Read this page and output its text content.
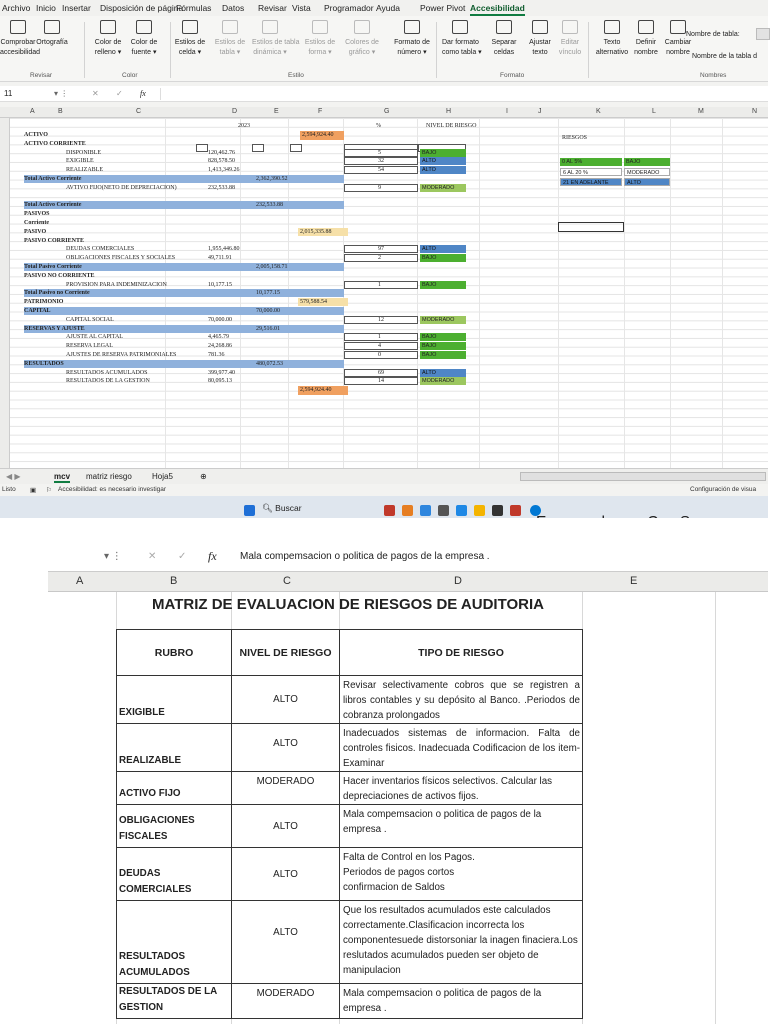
Archivo Inicio Insertar Disposición de página
Fórmulas Datos Revisar Vista Programador Ayuda Power Pivot Accesibilidad
Nombre de tabla:
Nombre de la tabla d
Comprobar
accesibilidad
Ortografía	Color de
relleno ▾
Color de
fuente ▾
Estilos de
celda ▾
Estilos de
tabla ▾
Estilos de tabla
dinámica ▾
Estilos de
forma ▾
Colores de
gráfico ▾
Formato de
número ▾
Dar formato
como tabla ▾
Separar
celdas
Ajustar
texto
Editar
vínculo
Texto
alternativo
Definir
nombre
Cambiar
nombre
Revisar	Color	Estilo	Formato	Nombres
11	▾ ⋮	✕ ✓ fx
A	B	C	D	E	F	G	H	I	J	K	L	M	N
2023	%	NIVEL DE RIESGO
RIESGOS
2,594,924.40
ACTIVO
ACTIVO CORRIENTE
DISPONIBLE	120,462.76	5	BAJO
EXIGIBLE	828,578.50	32	ALTO
REALIZABLE	1,413,349.26	54	ALTO
Total Activo Corriente	2,362,390.52
AVTIVO FIJO(NETO DE DEPRECIACION)	232,533.88	9	MODERADO
Total Activo Corriente	232,533.88
PASIVOS
Corriente
PASIVO	2,015,335.88
PASIVO CORRIENTE
DEUDAS COMERCIALES	1,955,446.80	97	ALTO
OBLIGACIONES FISCALES Y SOCIALES	49,711.91	2	BAJO
Total Pasivo Corriente	2,005,158.71
PASIVO NO CORRIENTE
PROVISION PARA INDEMINIZACION	10,177.15	1	BAJO
Total Pasivo no Corriente	10,177.15
PATRIMONIO	579,588.54
CAPITAL	70,000.00
CAPITAL SOCIAL	70,000.00	12	MODERADO
RESERVAS Y AJUSTE	29,516.01
AJUSTE AL CAPITAL	4,465.79	1	BAJO
RESERVA LEGAL	24,268.86	4	BAJO
AJUSTES DE RESERVA PATRIMONIALES	781.36	0	BAJO
RESULTADOS	480,072.53
RESULTADOS ACUMULADOS	399,977.40	69	ALTO
RESULTADOS DE LA GESTION	80,095.13	14	MODERADO
2,594,924.40
0 AL 5%	BAJO
6 AL 20 %	MODERADO
21 EN ADELANTE	ALTO
◀ ▶	mcv matriz riesgo	Hoja5	⊕
Listo ▣ ⚐ Accesibilidad: es necesario investigar	Configuración de visua
🔍︎ Buscar
▾ ⋮	✕ ✓ fx Mala compemsacion o politica de pagos de la empresa .
A	B	C	D	E
MATRIZ DE EVALUACION DE RIESGOS DE AUDITORIA
RUBRO	NIVEL DE RIESGO	TIPO DE RIESGO
EXIGIBLE	ALTO	Revisar selectivamente cobros que se registren a libros contables y su depósito al Banco. .Periodos de cobranza prolongados
REALIZABLE	ALTO	Inadecuados sistemas de informacion. Falta de controles fisicos. Inadecuada Codificacion de los item-Examinar
ACTIVO FIJO	MODERADO	Hacer inventarios físicos selectivos. Calcular las depreciaciones de activos fijos.
OBLIGACIONES
FISCALES	ALTO	Mala compemsacion o politica de pagos de la empresa .
DEUDAS
COMERCIALES	ALTO	Falta de Control en los Pagos.
Periodos de pagos cortos
confirmacion de Saldos
RESULTADOS
ACUMULADOS	ALTO	Que los resultados acumulados este calculados correctamente.Clasificacion incorrecta los componentesuede distorsoniar la inagen finaciera.Los reslutados acumulados pueden ser objeto de manipulacion
RESULTADOS DE LA
GESTION	MODERADO	Mala compemsacion o politica de pagos de la empresa .
